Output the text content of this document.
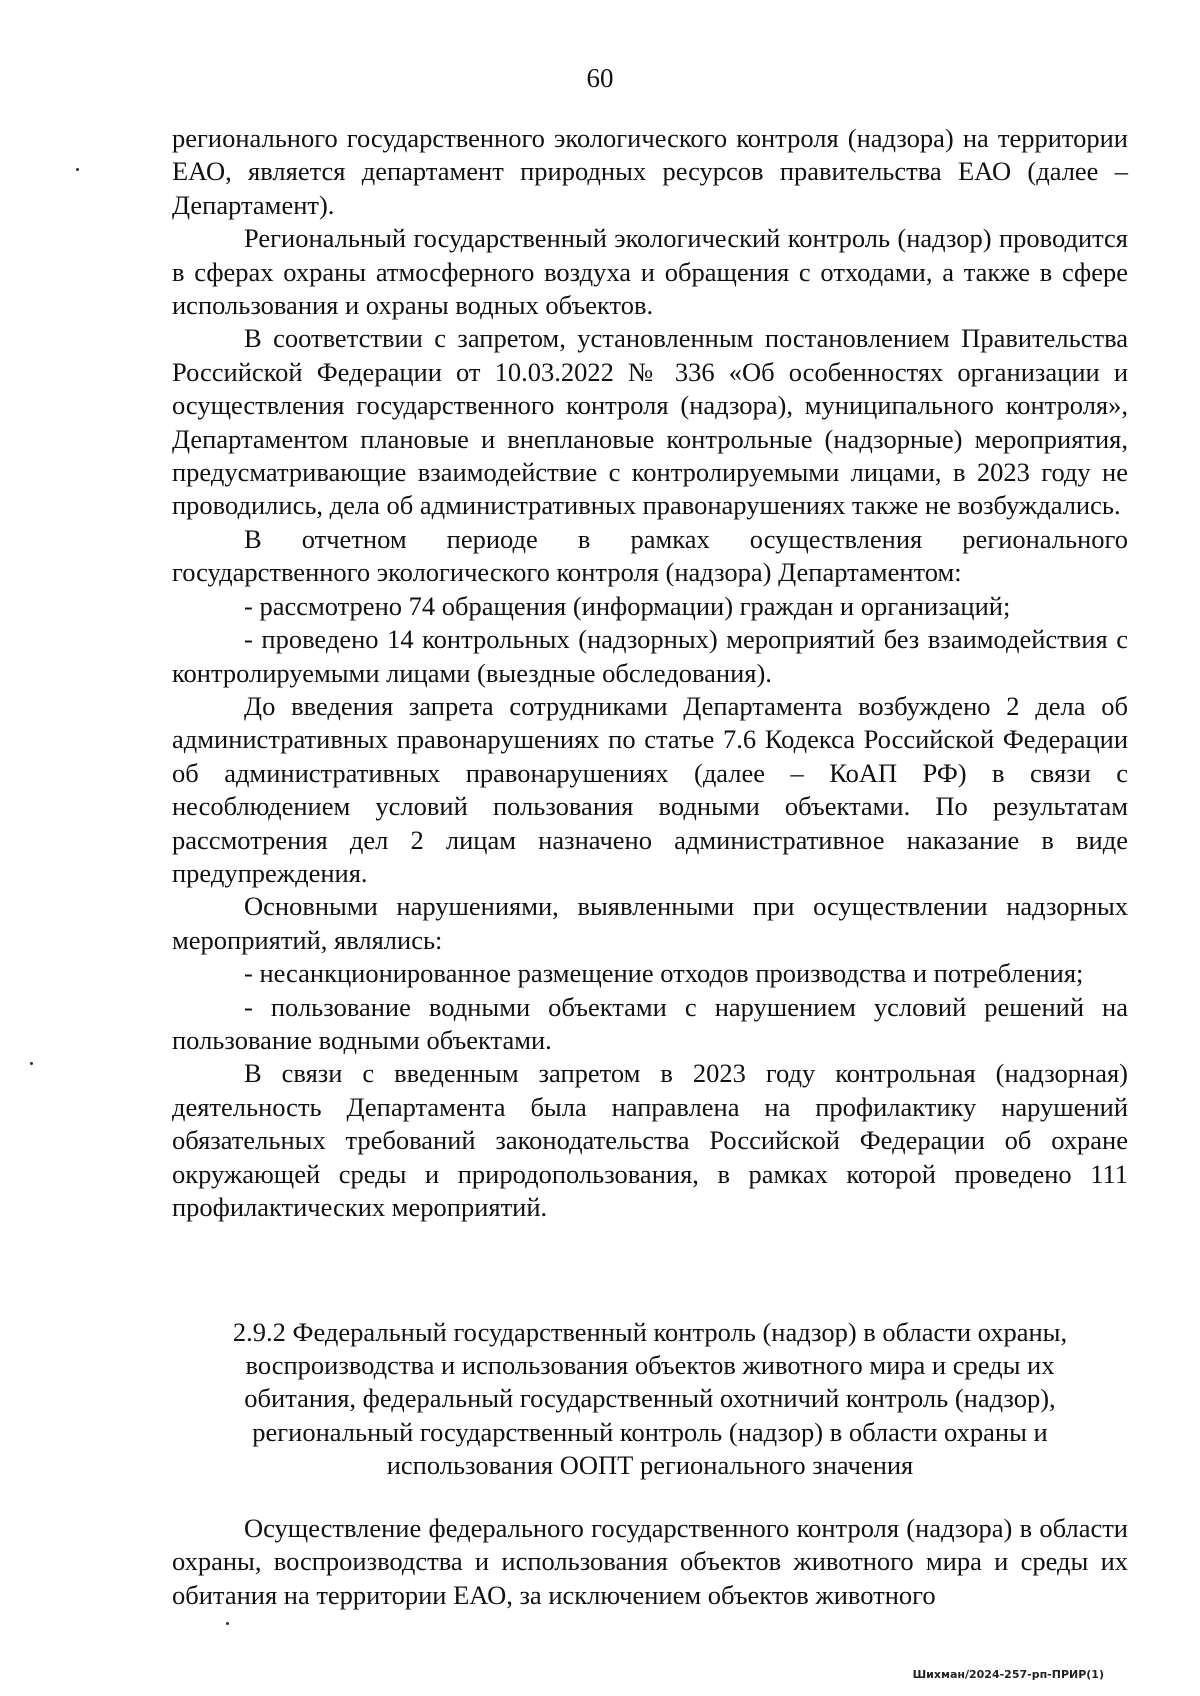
60

регионального государственного экологического контроля (надзора) на территории ЕАО, является департамент природных ресурсов правительства ЕАО (далее – Департамент).

Региональный государственный экологический контроль (надзор) проводится в сферах охраны атмосферного воздуха и обращения с отходами, а также в сфере использования и охраны водных объектов.

В соответствии с запретом, установленным постановлением Правительства Российской Федерации от 10.03.2022 № 336 «Об особенностях организации и осуществления государственного контроля (надзора), муниципального контроля», Департаментом плановые и внеплановые контрольные (надзорные) мероприятия, предусматривающие взаимодействие с контролируемыми лицами, в 2023 году не проводились, дела об административных правонарушениях также не возбуждались.

В отчетном периоде в рамках осуществления регионального государственного экологического контроля (надзора) Департаментом:

- рассмотрено 74 обращения (информации) граждан и организаций;

- проведено 14 контрольных (надзорных) мероприятий без взаимодействия с контролируемыми лицами (выездные обследования).

До введения запрета сотрудниками Департамента возбуждено 2 дела об административных правонарушениях по статье 7.6 Кодекса Российской Федерации об административных правонарушениях (далее – КоАП РФ) в связи с несоблюдением условий пользования водными объектами. По результатам рассмотрения дел 2 лицам назначено административное наказание в виде предупреждения.

Основными нарушениями, выявленными при осуществлении надзорных мероприятий, являлись:

- несанкционированное размещение отходов производства и потребления;

- пользование водными объектами с нарушением условий решений на пользование водными объектами.

В связи с введенным запретом в 2023 году контрольная (надзорная) деятельность Департамента была направлена на профилактику нарушений обязательных требований законодательства Российской Федерации об охране окружающей среды и природопользования, в рамках которой проведено 111 профилактических мероприятий.

2.9.2 Федеральный государственный контроль (надзор) в области охраны,
воспроизводства и использования объектов животного мира и среды их
обитания, федеральный государственный охотничий контроль (надзор),
региональный государственный контроль (надзор) в области охраны и
использования ООПТ регионального значения

Осуществление федерального государственного контроля (надзора) в области охраны, воспроизводства и использования объектов животного мира и среды их обитания на территории ЕАО, за исключением объектов животного

Шихман/2024-257-рп-ПРИР(1)
